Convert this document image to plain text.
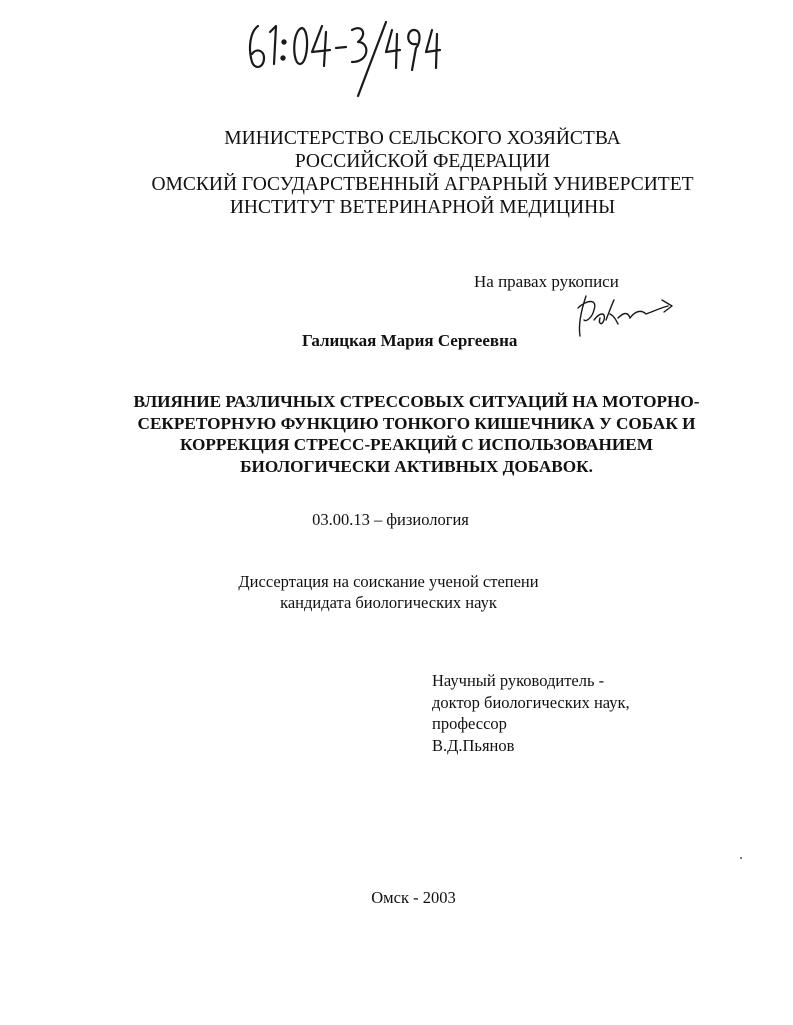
МИНИСТЕРСТВО СЕЛЬСКОГО ХОЗЯЙСТВА
РОССИЙСКОЙ ФЕДЕРАЦИИ
ОМСКИЙ ГОСУДАРСТВЕННЫЙ АГРАРНЫЙ УНИВЕРСИТЕТ
ИНСТИТУТ ВЕТЕРИНАРНОЙ МЕДИЦИНЫ
На правах рукописи
Галицкая Мария Сергеевна
ВЛИЯНИЕ РАЗЛИЧНЫХ СТРЕССОВЫХ СИТУАЦИЙ НА МОТОРНО-
СЕКРЕТОРНУЮ ФУНКЦИЮ ТОНКОГО КИШЕЧНИКА У СОБАК И
КОРРЕКЦИЯ СТРЕСС-РЕАКЦИЙ С ИСПОЛЬЗОВАНИЕМ
БИОЛОГИЧЕСКИ АКТИВНЫХ ДОБАВОК.
03.00.13 – физиология
Диссертация на соискание ученой степени
кандидата биологических наук
Научный руководитель -
доктор биологических наук,
профессор
В.Д.Пьянов
Омск - 2003
